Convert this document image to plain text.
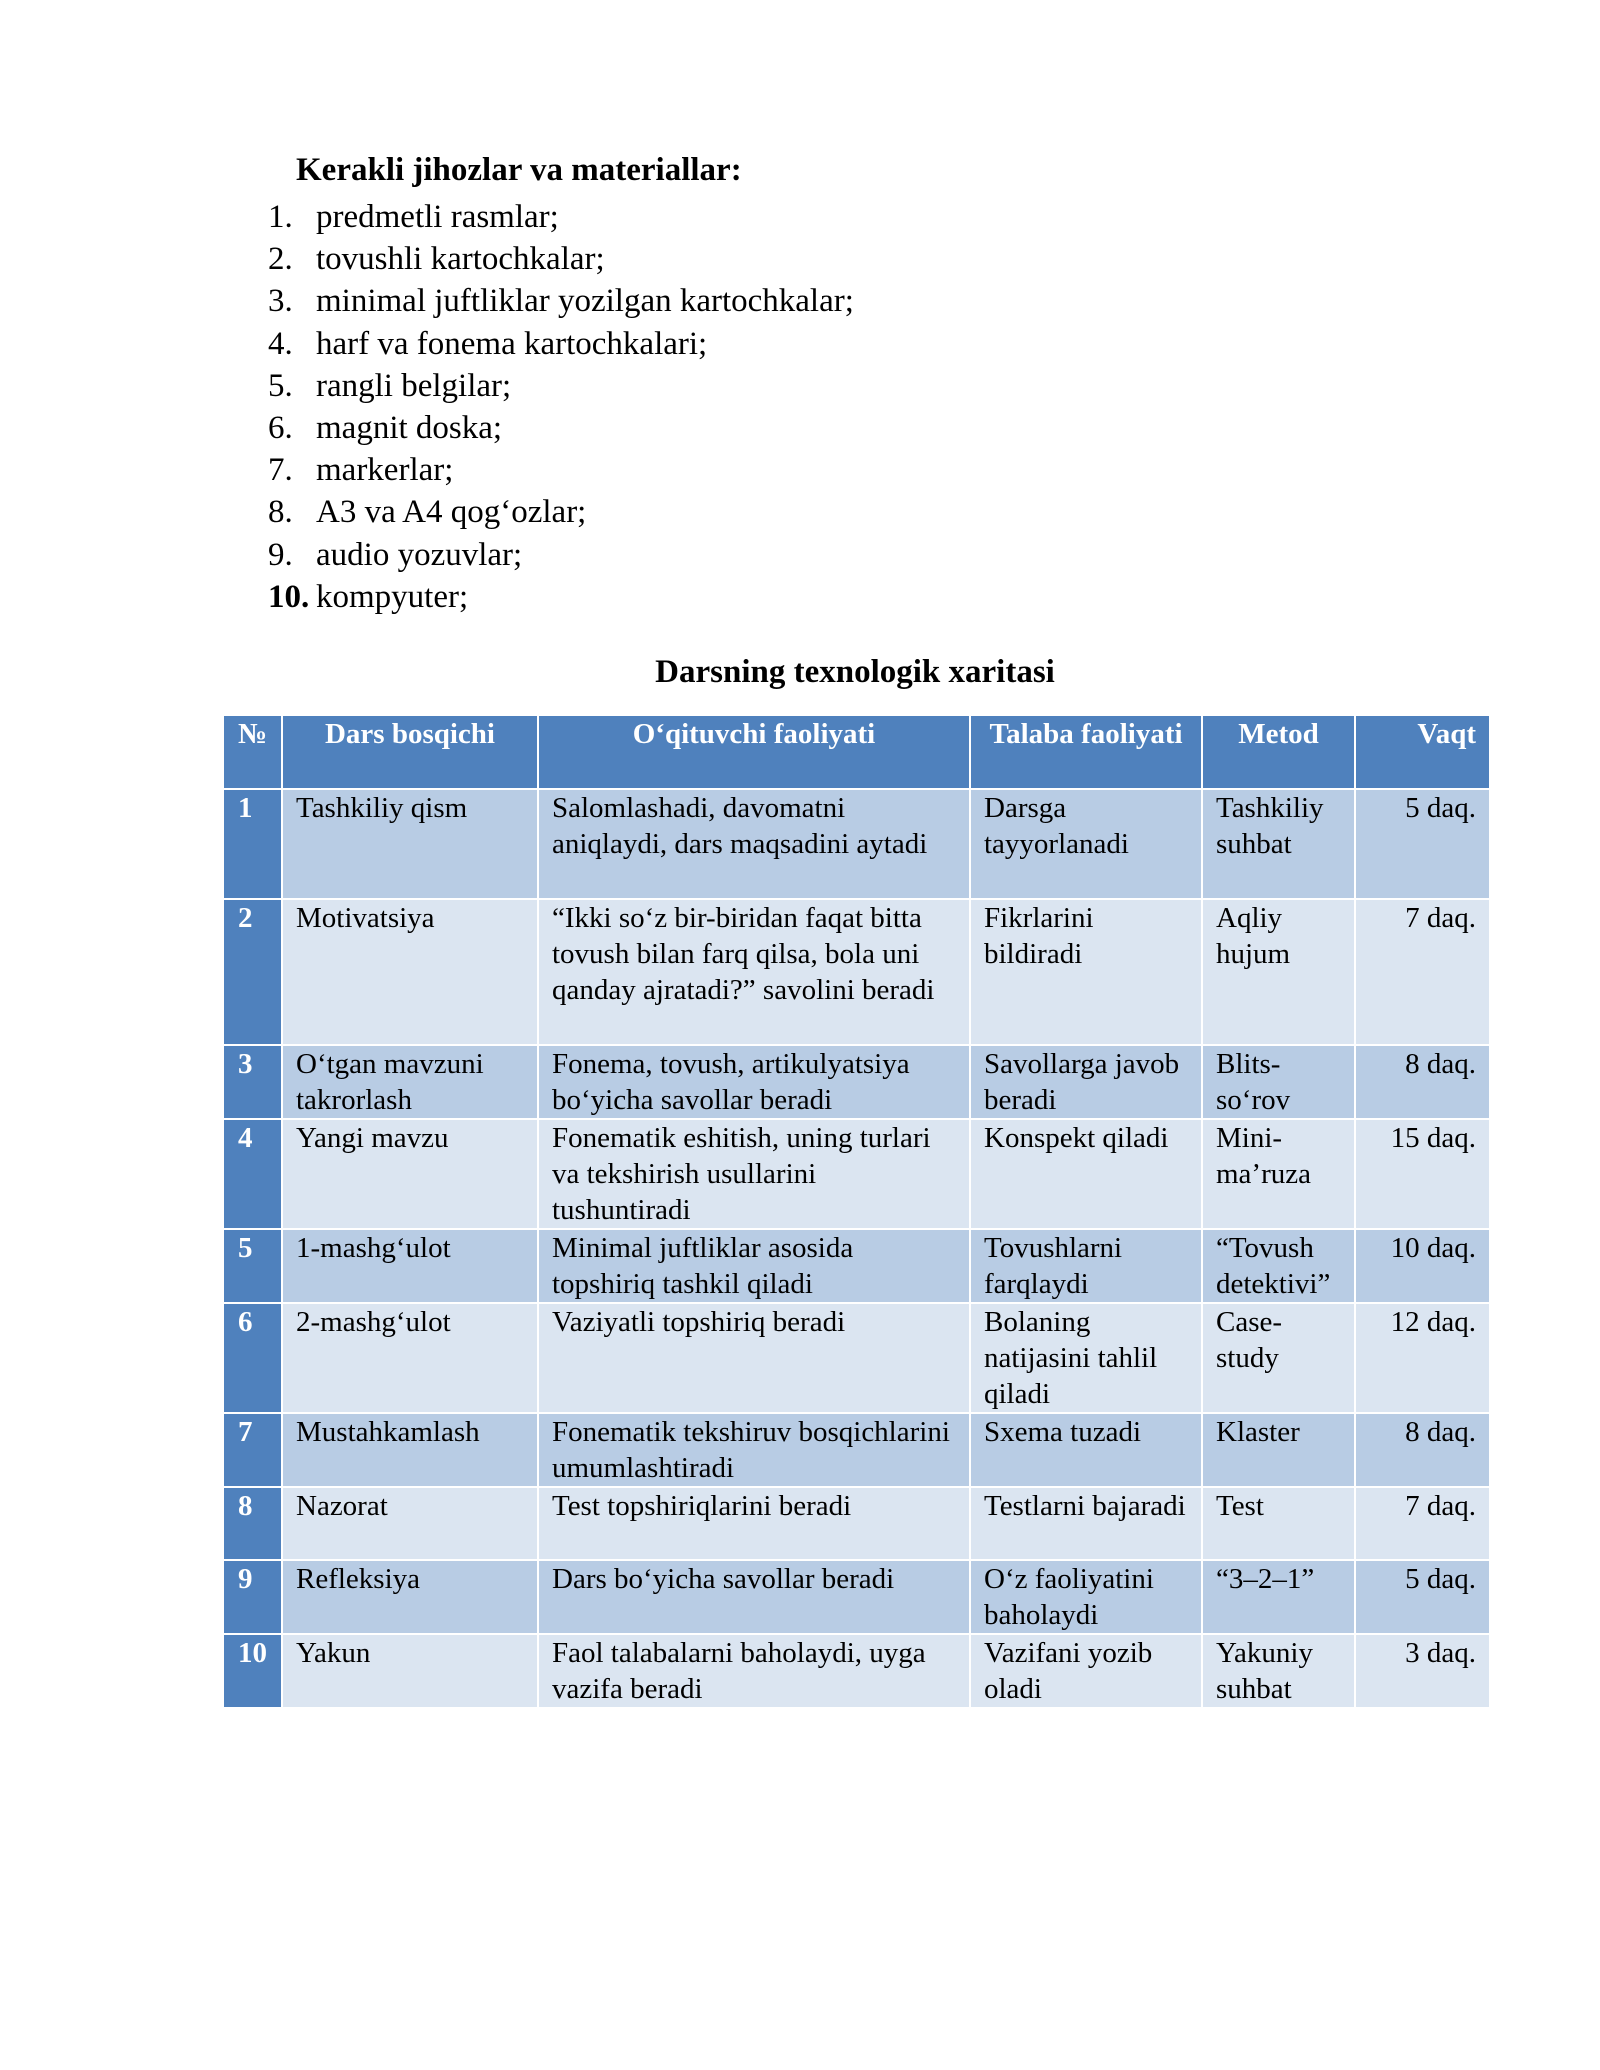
Kerakli jihozlar va materiallar:
1. predmetli rasmlar;
2. tovushli kartochkalar;
3. minimal juftliklar yozilgan kartochkalar;
4. harf va fonema kartochkalari;
5. rangli belgilar;
6. magnit doska;
7. markerlar;
8. A3 va A4 qog‘ozlar;
9. audio yozuvlar;
10. kompyuter;
Darsning texnologik xaritasi
№	Dars bosqichi	O‘qituvchi faoliyati	Talaba faoliyati	Metod	Vaqt
1	Tashkiliy qism	Salomlashadi, davomatni aniqlaydi, dars maqsadini aytadi	Darsga tayyorlanadi	Tashkiliy suhbat	5 daq.
2	Motivatsiya	“Ikki so‘z bir-biridan faqat bitta tovush bilan farq qilsa, bola uni qanday ajratadi?” savolini beradi	Fikrlarini bildiradi	Aqliy hujum	7 daq.
3	O‘tgan mavzuni takrorlash	Fonema, tovush, artikulyatsiya bo‘yicha savollar beradi	Savollarga javob beradi	Blits-so‘rov	8 daq.
4	Yangi mavzu	Fonematik eshitish, uning turlari va tekshirish usullarini tushuntiradi	Konspekt qiladi	Mini-ma’ruza	15 daq.
5	1-mashg‘ulot	Minimal juftliklar asosida topshiriq tashkil qiladi	Tovushlarni farqlaydi	“Tovush detektivi”	10 daq.
6	2-mashg‘ulot	Vaziyatli topshiriq beradi	Bolaning natijasini tahlil qiladi	Case-study	12 daq.
7	Mustahkamlash	Fonematik tekshiruv bosqichlarini umumlashtiradi	Sxema tuzadi	Klaster	8 daq.
8	Nazorat	Test topshiriqlarini beradi	Testlarni bajaradi	Test	7 daq.
9	Refleksiya	Dars bo‘yicha savollar beradi	O‘z faoliyatini baholaydi	“3–2–1”	5 daq.
10	Yakun	Faol talabalarni baholaydi, uyga vazifa beradi	Vazifani yozib oladi	Yakuniy suhbat	3 daq.
